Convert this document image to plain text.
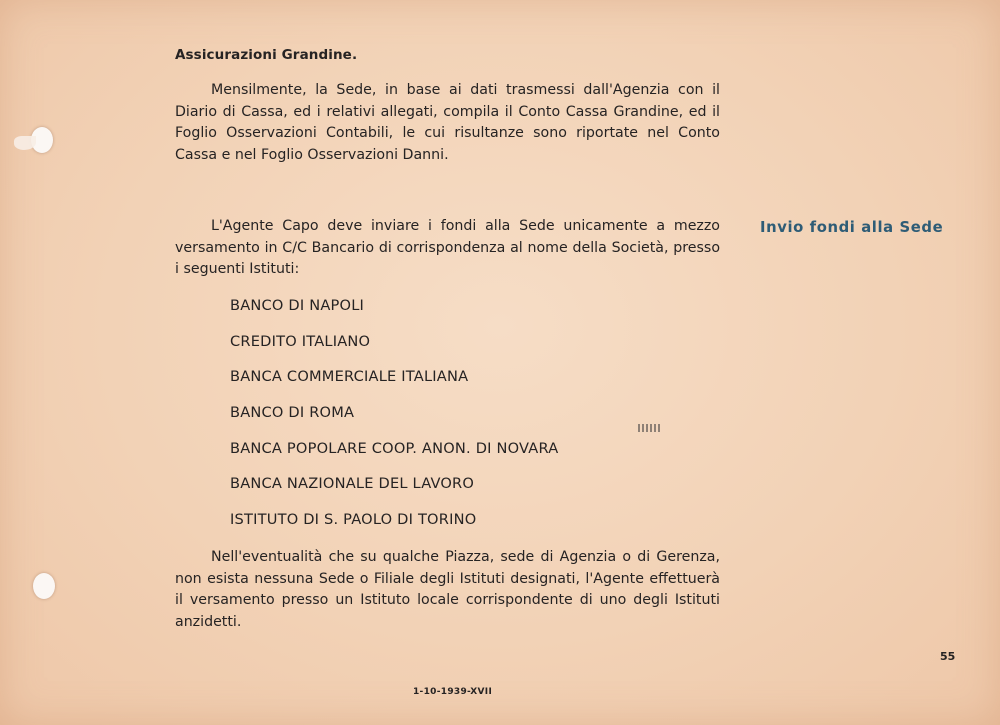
Assicurazioni Grandine.

Mensilmente, la Sede, in base ai dati trasmessi dall'Agenzia con il Diario di Cassa, ed i relativi allegati, compila il Conto Cassa Grandine, ed il Foglio Osservazioni Contabili, le cui risultanze sono riportate nel Conto Cassa e nel Foglio Osservazioni Danni.

L'Agente Capo deve inviare i fondi alla Sede unicamente a mezzo versamento in C/C Bancario di corrispondenza al nome della Società, presso i seguenti Istituti:

BANCO DI NAPOLI
CREDITO ITALIANO
BANCA COMMERCIALE ITALIANA
BANCO DI ROMA
BANCA POPOLARE COOP. ANON. DI NOVARA
BANCA NAZIONALE DEL LAVORO
ISTITUTO DI S. PAOLO DI TORINO

Nell'eventualità che su qualche Piazza, sede di Agenzia o di Gerenza, non esista nessuna Sede o Filiale degli Istituti designati, l'Agente effettuerà il versamento presso un Istituto locale corrispondente di uno degli Istituti anzidetti.

Invio fondi alla Sede
55
1-10-1939-XVII
